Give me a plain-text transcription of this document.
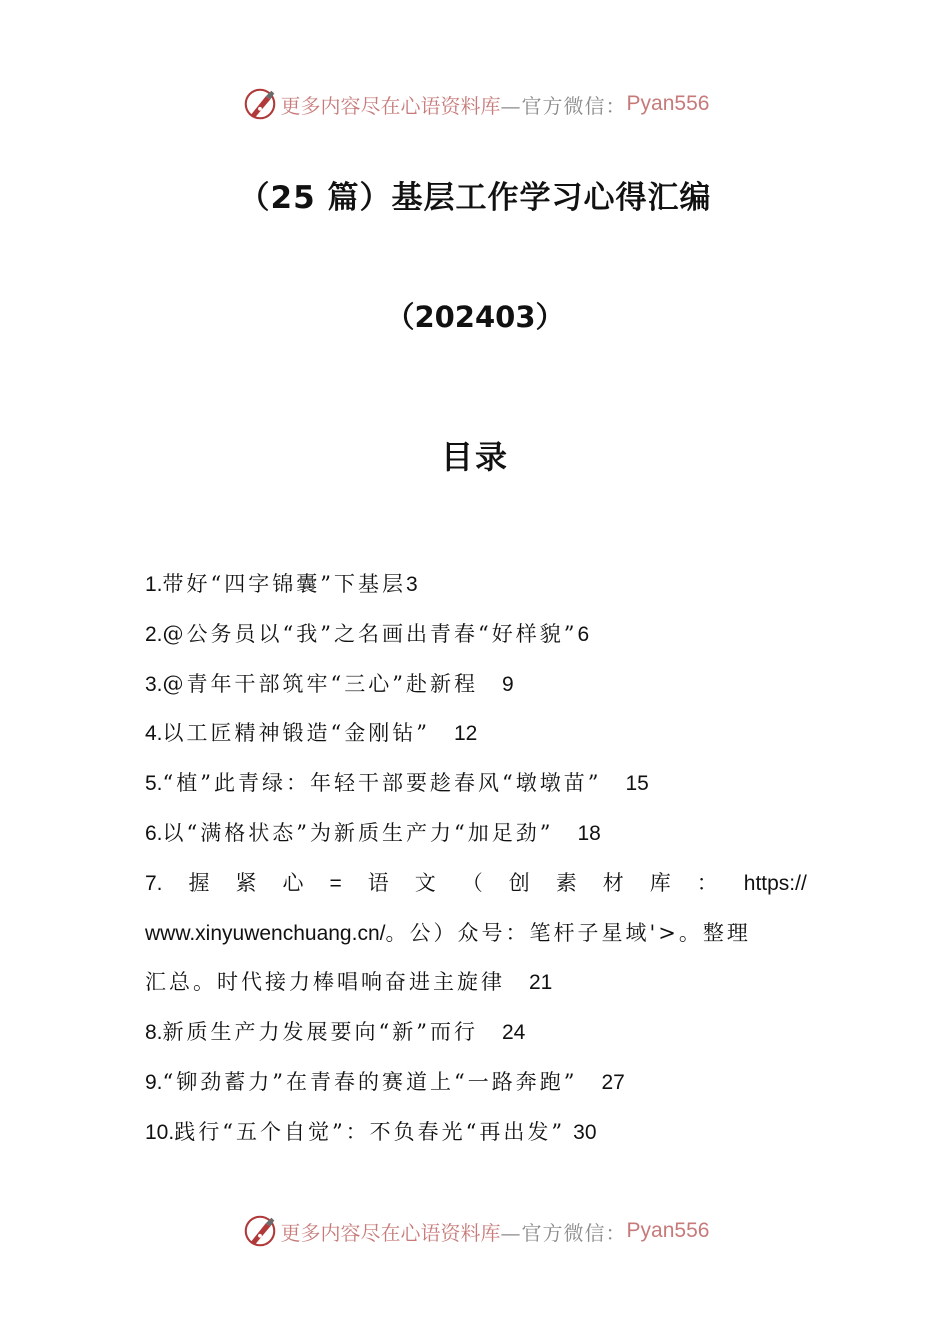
更多内容尽在心语资料库 —官方微信： Pyan556
（25 篇）基层工作学习心得汇编
（202403）
目录
1.带好“四字锦囊”下基层3
2.@公务员以“我”之名画出青春“好样貌”6
3.@青年干部筑牢“三心”赴新程 9
4.以工匠精神锻造“金刚钻” 12
5.“植”此青绿：年轻干部要趁春风“墩墩苗” 15
6.以“满格状态”为新质生产力“加足劲” 18
7. 握 紧 心 = 语 文 （ 创 素 材 库 ： https://
www.xinyuwenchuang.cn/。公）众号：笔杆子星域'>。整理
汇总。时代接力棒唱响奋进主旋律 21
8.新质生产力发展要向“新”而行 24
9.“铆劲蓄力”在青春的赛道上“一路奔跑” 27
10.践行“五个自觉”：不负春光“再出发” 30
更多内容尽在心语资料库 —官方微信： Pyan556
